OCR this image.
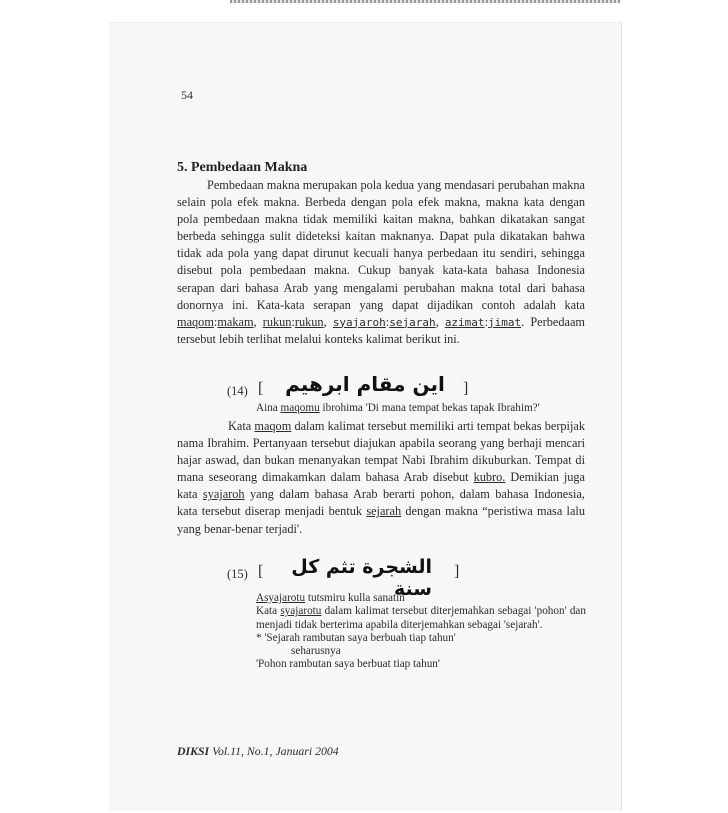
54
5. Pembedaan Makna

Pembedaan makna merupakan pola kedua yang mendasari perubahan makna selain pola efek makna. Berbeda dengan pola efek makna, makna kata dengan pola pembedaan makna tidak memiliki kaitan makna, bahkan dikatakan sangat berbeda sehingga sulit dideteksi kaitan maknanya. Dapat pula dikatakan bahwa tidak ada pola yang dapat dirunut kecuali hanya perbedaan itu sendiri, sehingga disebut pola pembedaan makna. Cukup banyak kata-kata bahasa Indonesia serapan dari bahasa Arab yang mengalami perubahan makna total dari bahasa donornya ini. Kata-kata serapan yang dapat dijadikan contoh adalah kata maqom:makam, rukun:rukun, syajaroh:sejarah, azimat:jimat. Perbedaam tersebut lebih terlihat melalui konteks kalimat berikut ini.

(14) [	اين مقام ابرهيم	]
Aina maqomu ibrohima 'Di mana tempat bekas tapak Ibrahim?'

Kata maqom dalam kalimat tersebut memiliki arti tempat bekas berpijak nama Ibrahim. Pertanyaan tersebut diajukan apabila seorang yang berhaji mencari hajar aswad, dan bukan menanyakan tempat Nabi Ibrahim dikuburkan. Tempat di mana seseorang dimakamkan dalam bahasa Arab disebut kubro. Demikian juga kata syajaroh yang dalam bahasa Arab berarti pohon, dalam bahasa Indonesia, kata tersebut diserap menjadi bentuk sejarah dengan makna “peristiwa masa lalu yang benar-benar terjadi'.

(15) [	الشجرة تثم كل سنة
]
Asyajarotu tutsmiru kulla sanatin
Kata syajarotu dalam kalimat tersebut diterjemahkan sebagai 'pohon' dan menjadi tidak berterima apabila diterjemahkan sebagai 'sejarah'.
* 'Sejarah rambutan saya berbuah tiap tahun'
seharusnya
'Pohon rambutan saya berbuat tiap tahun'
DIKSI Vol.11, No.1, Januari 2004
